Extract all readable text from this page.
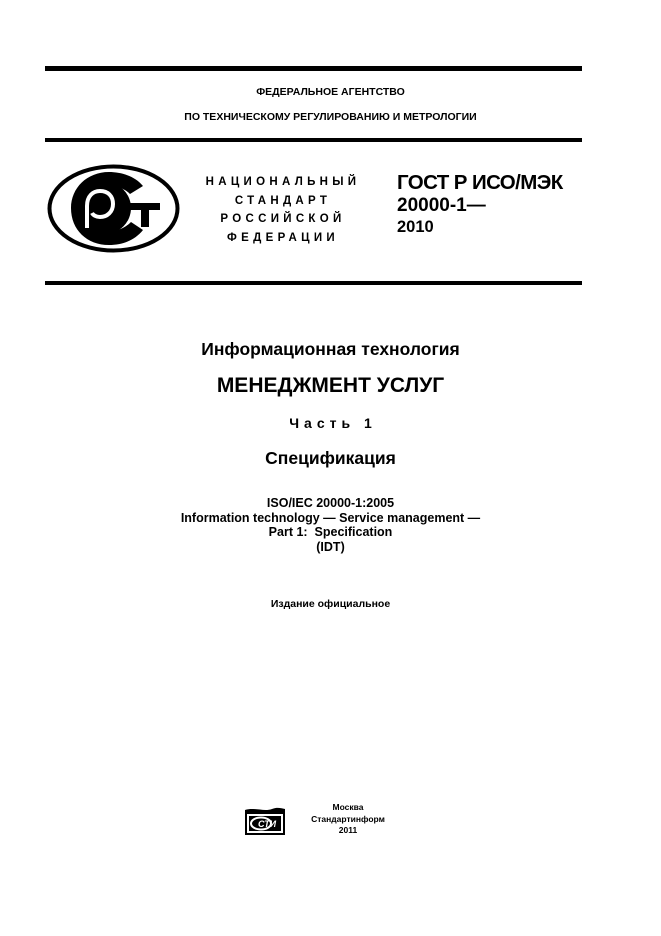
ФЕДЕРАЛЬНОЕ АГЕНТСТВО
ПО ТЕХНИЧЕСКОМУ РЕГУЛИРОВАНИЮ И МЕТРОЛОГИИ
НАЦИОНАЛЬНЫЙ
СТАНДАРТ
РОССИЙСКОЙ
ФЕДЕРАЦИИ
ГОСТ Р ИСО/МЭК
20000-1—
2010
Информационная технология
МЕНЕДЖМЕНТ УСЛУГ
Часть 1
Спецификация
ISO/IEC 20000-1:2005
Information technology — Service management —
Part 1:  Specification
(IDT)
Издание официальное
СТИ
Москва
Стандартинформ
2011
